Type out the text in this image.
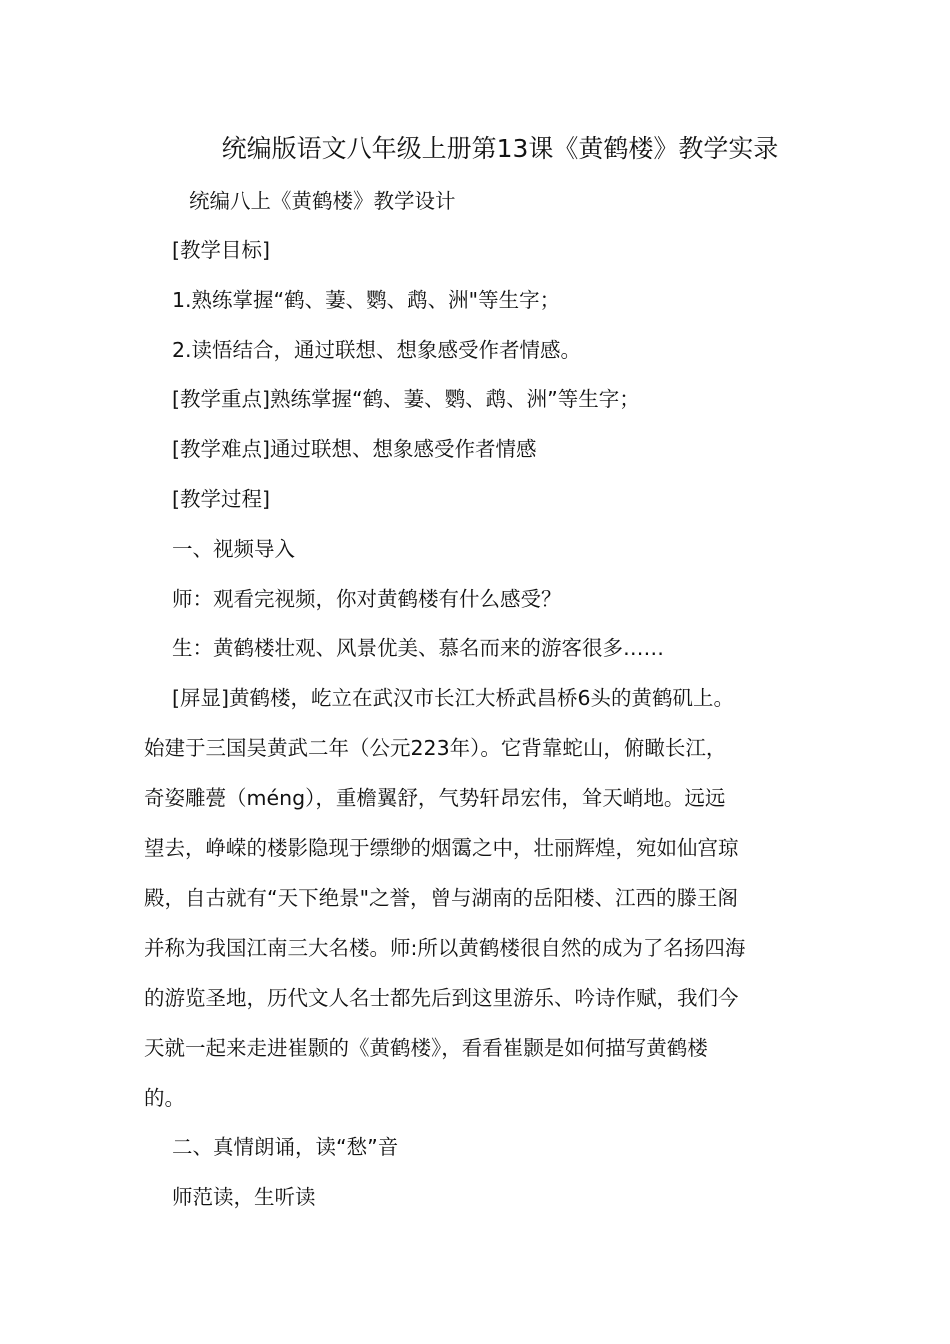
统编版语文八年级上册第13课《黄鹤楼》教学实录

统编八上《黄鹤楼》教学设计

[教学目标]

1.熟练掌握“鹤、萋、鹦、鹉、洲"等生字；

2.读悟结合，通过联想、想象感受作者情感。

[教学重点]熟练掌握“鹤、萋、鹦、鹉、洲”等生字；

[教学难点]通过联想、想象感受作者情感

[教学过程]

一、视频导入

师：观看完视频，你对黄鹤楼有什么感受？

生：黄鹤楼壮观、风景优美、慕名而来的游客很多……

[屏显]黄鹤楼，屹立在武汉市长江大桥武昌桥6头的黄鹤矶上。
始建于三国吴黄武二年（公元223年）。它背靠蛇山，俯瞰长江，
奇姿雕甍（méng），重檐翼舒，气势轩昂宏伟，耸天峭地。远远
望去，峥嵘的楼影隐现于缥缈的烟霭之中，壮丽辉煌，宛如仙宫琼
殿，自古就有“天下绝景"之誉，曾与湖南的岳阳楼、江西的滕王阁
并称为我国江南三大名楼。师:所以黄鹤楼很自然的成为了名扬四海
的游览圣地，历代文人名士都先后到这里游乐、吟诗作赋，我们今
天就一起来走进崔颢的《黄鹤楼》，看看崔颢是如何描写黄鹤楼
的。

二、真情朗诵，读“愁”音

师范读，生听读
